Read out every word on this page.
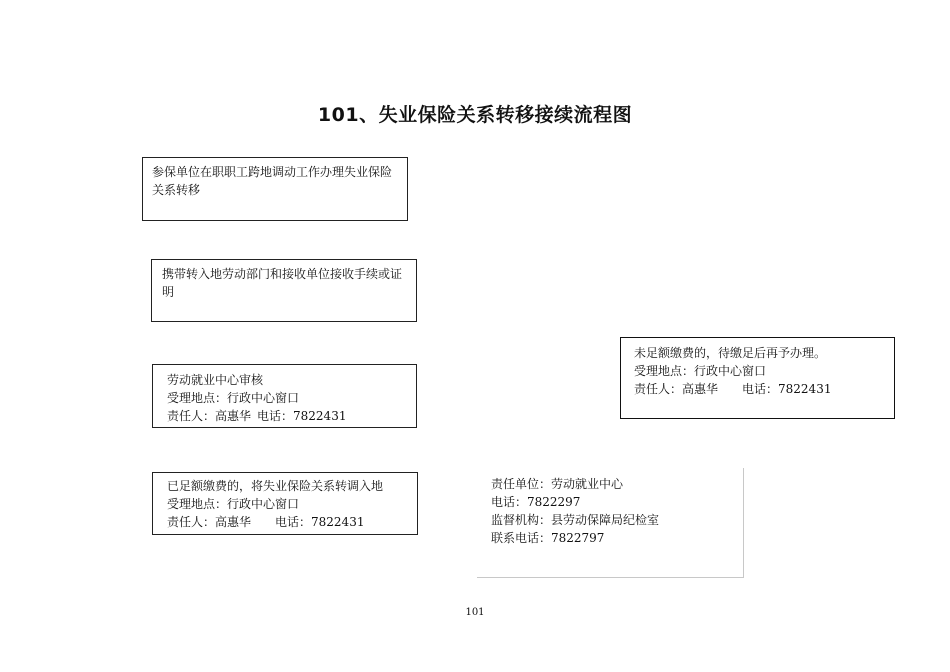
101、失业保险关系转移接续流程图
参保单位在职职工跨地调动工作办理失业保险关系转移
携带转入地劳动部门和接收单位接收手续或证明
劳动就业中心审核
受理地点：行政中心窗口
责任人：高惠华 电话：7822431
已足额缴费的，将失业保险关系转调入地
受理地点：行政中心窗口
责任人：高惠华 电话：7822431
未足额缴费的，待缴足后再予办理。
受理地点：行政中心窗口
责任人：高惠华 电话：7822431
责任单位：劳动就业中心
电话：7822297
监督机构：县劳动保障局纪检室
联系电话：7822797
101
